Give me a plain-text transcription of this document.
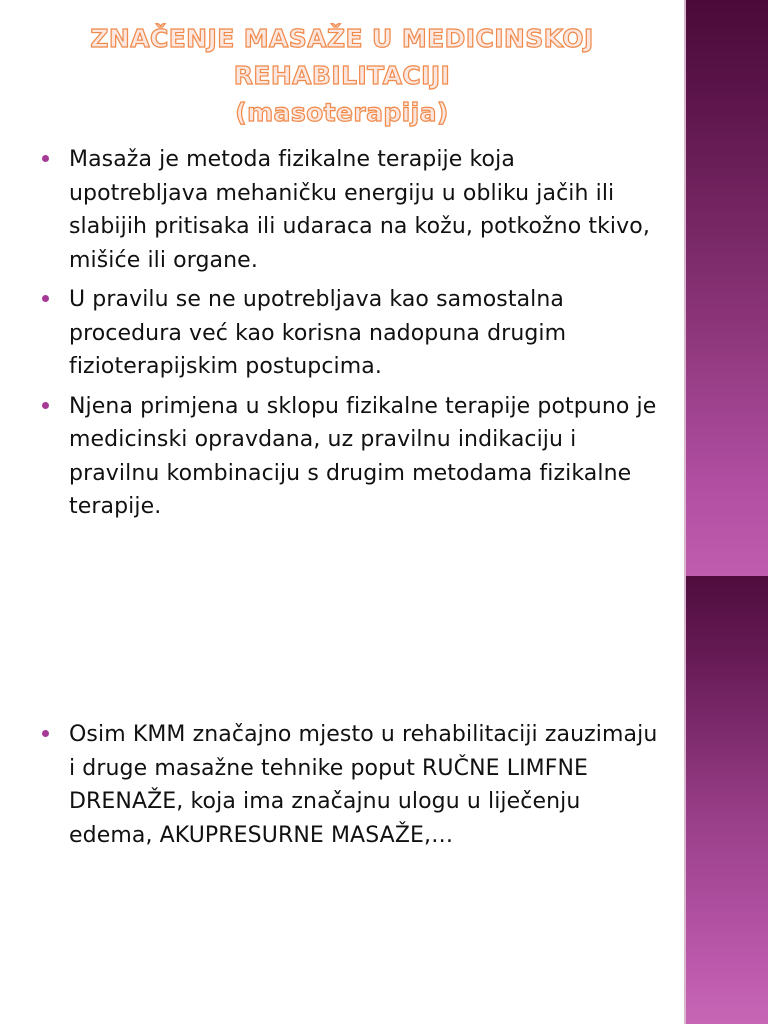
ZNAČENJE MASAŽE U MEDICINSKOJ
REHABILITACIJI
(masoterapija)
Masaža je metoda fizikalne terapije koja upotrebljava mehaničku energiju u obliku jačih ili slabijih pritisaka ili udaraca na kožu, potkožno tkivo, mišiće ili organe.
U pravilu se ne upotrebljava kao samostalna procedura već kao korisna nadopuna drugim fizioterapijskim postupcima.
Njena primjena u sklopu fizikalne terapije potpuno je medicinski opravdana, uz pravilnu indikaciju i pravilnu kombinaciju s drugim metodama fizikalne terapije.
Osim KMM značajno mjesto u rehabilitaciji zauzimaju i druge masažne tehnike poput RUČNE LIMFNE DRENAŽE, koja ima značajnu ulogu u liječenju edema, AKUPRESURNE MASAŽE,…
